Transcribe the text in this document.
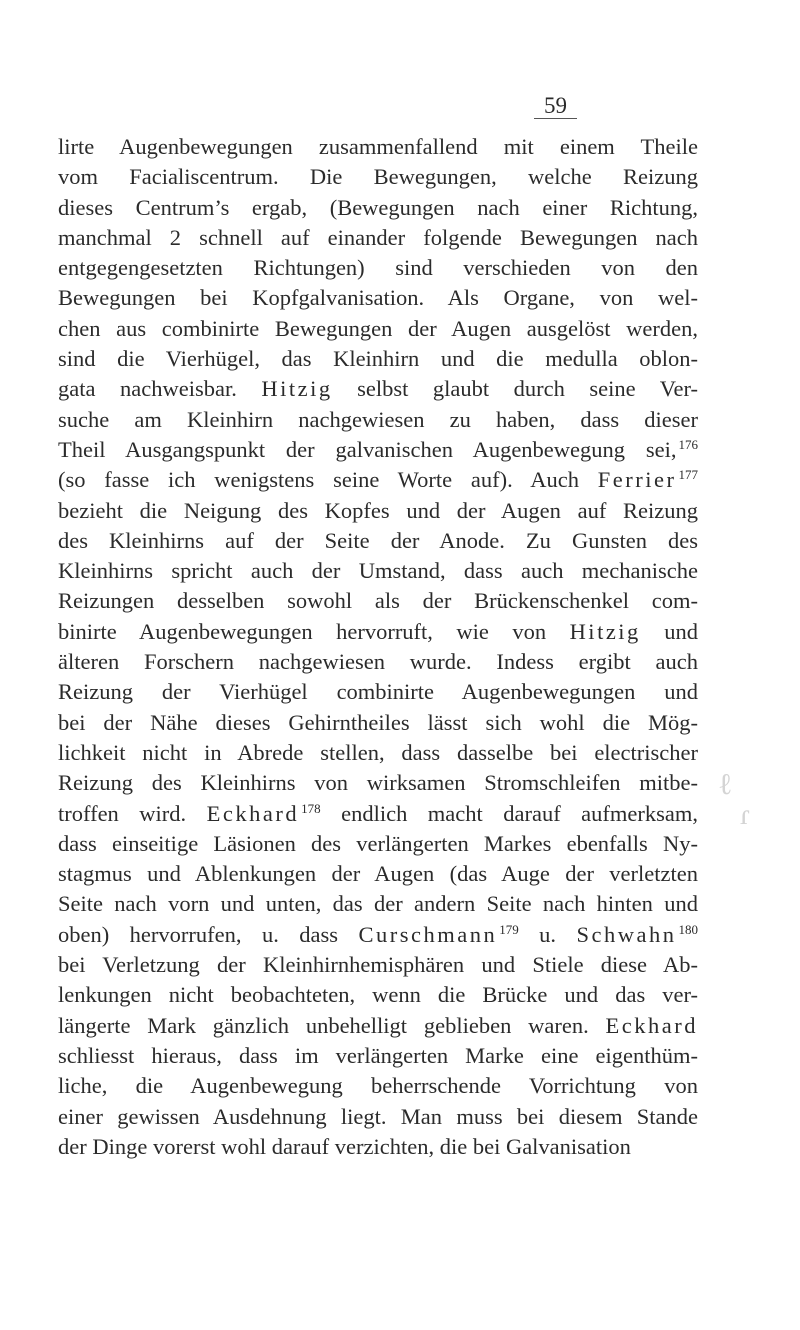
59
lirte Augenbewegungen zusammenfallend mit einem Theile
vom Facialiscentrum. Die Bewegungen, welche Reizung
dieses Centrum’s ergab, (Bewegungen nach einer Richtung,
manchmal 2 schnell auf einander folgende Bewegungen nach
entgegengesetzten Richtungen) sind verschieden von den
Bewegungen bei Kopfgalvanisation. Als Organe, von wel-
chen aus combinirte Bewegungen der Augen ausgelöst werden,
sind die Vierhügel, das Kleinhirn und die medulla oblon-
gata nachweisbar. Hitzig selbst glaubt durch seine Ver-
suche am Kleinhirn nachgewiesen zu haben, dass dieser
Theil Ausgangspunkt der galvanischen Augenbewegung sei, $^{176}$
(so fasse ich wenigstens seine Worte auf). Auch Ferrier $^{177}$
bezieht die Neigung des Kopfes und der Augen auf Reizung
des Kleinhirns auf der Seite der Anode. Zu Gunsten des
Kleinhirns spricht auch der Umstand, dass auch mechanische
Reizungen desselben sowohl als der Brückenschenkel com-
binirte Augenbewegungen hervorruft, wie von Hitzig und
älteren Forschern nachgewiesen wurde. Indess ergibt auch
Reizung der Vierhügel combinirte Augenbewegungen und
bei der Nähe dieses Gehirntheiles lässt sich wohl die Mög-
lichkeit nicht in Abrede stellen, dass dasselbe bei electrischer
Reizung des Kleinhirns von wirksamen Stromschleifen mitbe-
troffen wird. Eckhard $^{178}$ endlich macht darauf aufmerksam,
dass einseitige Läsionen des verlängerten Markes ebenfalls Ny-
stagmus und Ablenkungen der Augen (das Auge der verletzten
Seite nach vorn und unten, das der andern Seite nach hinten und
oben) hervorrufen, u. dass Curschmann $^{179}$ u. Schwahn $^{180}$
bei Verletzung der Kleinhirnhemisphären und Stiele diese Ab-
lenkungen nicht beobachteten, wenn die Brücke und das ver-
längerte Mark gänzlich unbehelligt geblieben waren. Eckhard
schliesst hieraus, dass im verlängerten Marke eine eigenthüm-
liche, die Augenbewegung beherrschende Vorrichtung von
einer gewissen Ausdehnung liegt. Man muss bei diesem Stande
der Dinge vorerst wohl darauf verzichten, die bei Galvanisation
ℓ
ɾ
